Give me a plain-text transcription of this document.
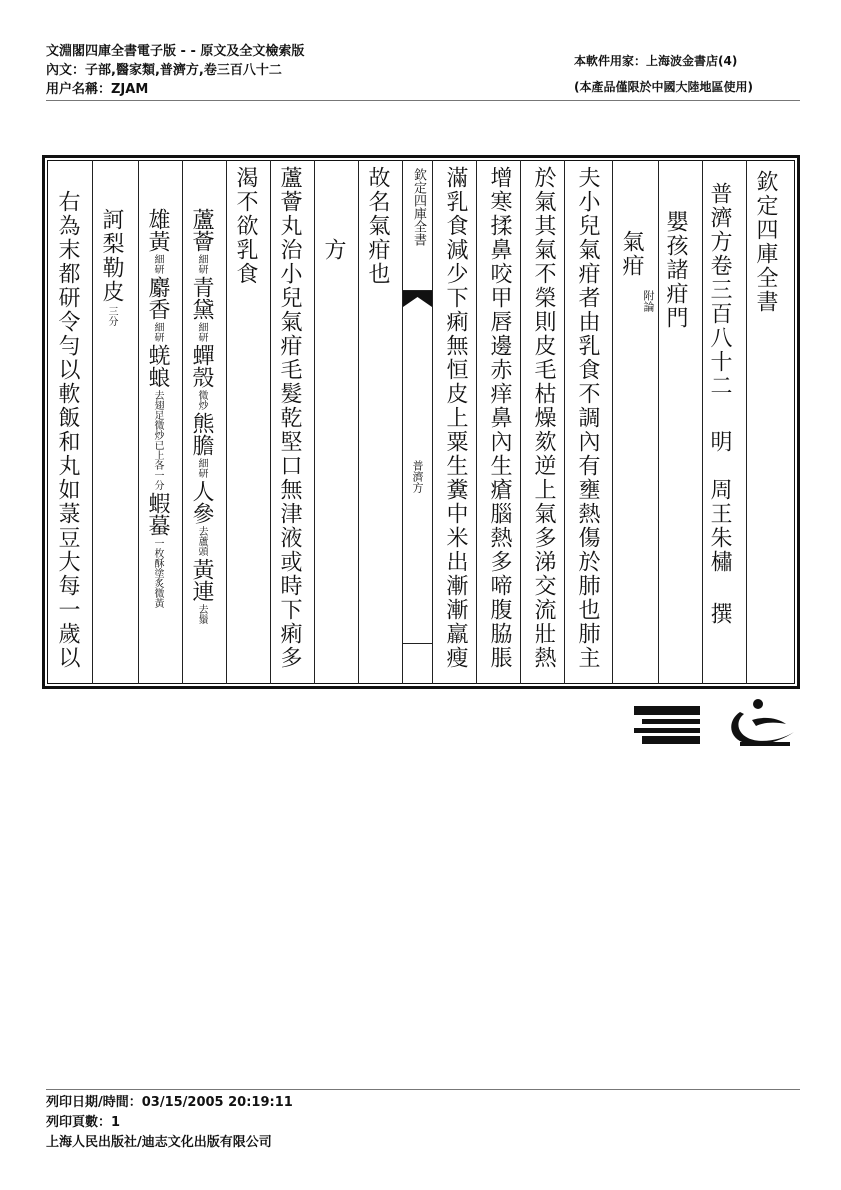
文淵閣四庫全書電子版 - - 原文及全文檢索版
內文：子部,醫家類,普濟方,卷三百八十二
用户名稱：ZJAM
本軟件用家：上海波金書店(4)
(本產品僅限於中國大陸地區使用)
欽定四庫全書
普濟方卷三百八十二
明
周王朱橚
撰
嬰孩諸疳門
氣疳
附論
夫小兒氣疳者由乳食不調內有壅熱傷於肺也肺主
於氣其氣不榮則皮毛枯燥欬逆上氣多涕交流壯熱
增寒揉鼻咬甲唇邊赤痒鼻內生瘡腦熱多啼腹脇脹
滿乳食減少下痢無恒皮上粟生糞中米出漸漸羸瘦
欽定四庫全書
普濟方
故名氣疳也
方
蘆薈丸治小兒氣疳毛髮乾堅口無津液或時下痢多
渴不欲乳食
蘆薈細研青黛細研蟬殼微炒熊膽細研人參去蘆頭黃連去鬚
雄黃細研麝香細研蜣蜋去翅足微炒已上各一分蝦蟇一枚酥塗炙微黃
訶梨勒皮三分
右為末都研令勻以軟飯和丸如菉豆大每一歲以
列印日期/時間：03/15/2005 20:19:11
列印頁數：1
上海人民出版社/迪志文化出版有限公司
